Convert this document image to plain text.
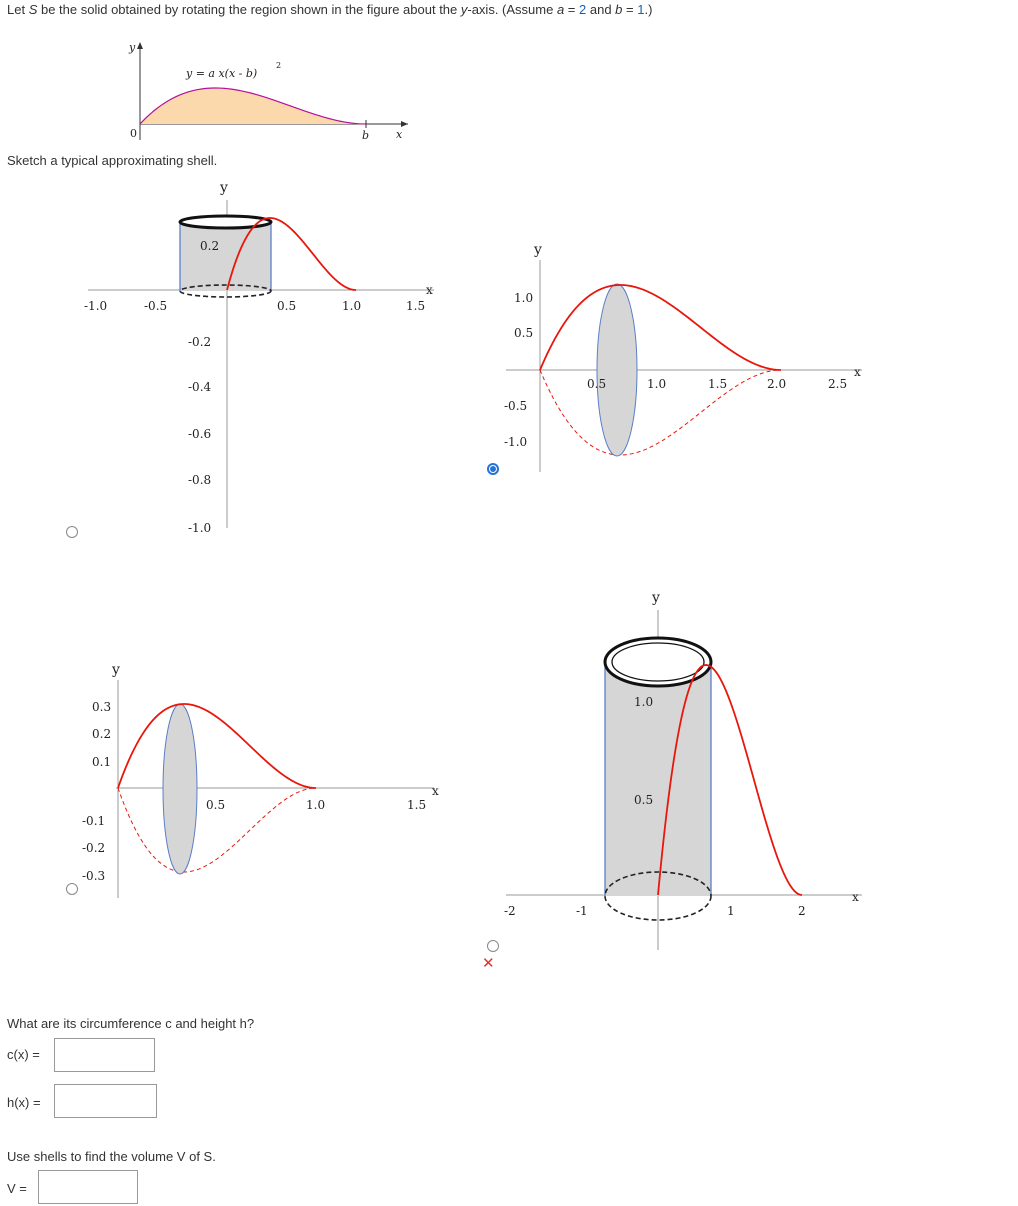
Let S be the solid obtained by rotating the region shown in the figure about the y-axis. (Assume a = 2 and b = 1.)
y
x
0	b
y = a x(x - b)
2
Sketch a typical approximating shell.
x
y
-1.0	-0.5	0.5	1.0	1.5
0.2
-0.2
-0.4
-0.6
-0.8
-1.0
x
y
0.5	1.0	1.5	2.0	2.5
1.0
0.5
-0.5
-1.0
x
y
0.5	1.0	1.5
0.3
0.2
0.1
-0.1
-0.2
-0.3
x
y
-2	-1	1	2
1.0
0.5
✕
What are its circumference c and height h?
c(x) =
h(x) =
Use shells to find the volume V of S.
V =
